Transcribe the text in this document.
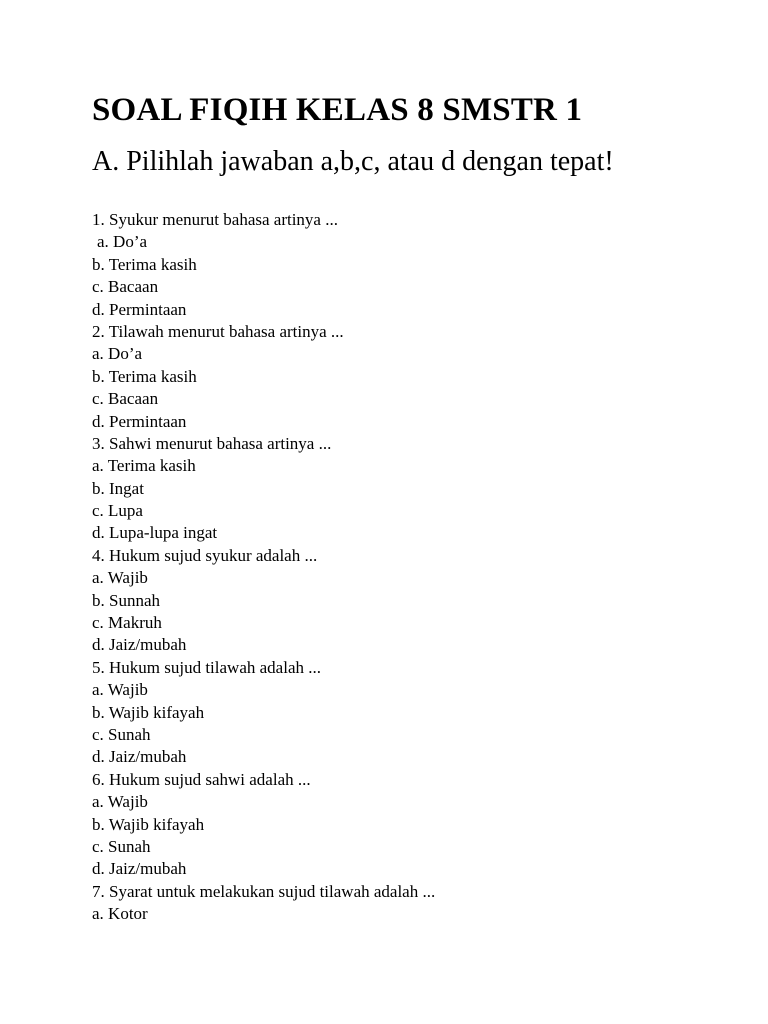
SOAL FIQIH KELAS 8 SMSTR 1

A. Pilihlah jawaban a,b,c, atau d dengan tepat!

1. Syukur menurut bahasa artinya ...
a. Do’a
b. Terima kasih
c. Bacaan
d. Permintaan
2. Tilawah menurut bahasa artinya ...
a. Do’a
b. Terima kasih
c. Bacaan
d. Permintaan
3. Sahwi menurut bahasa artinya ...
a. Terima kasih
b. Ingat
c. Lupa
d. Lupa-lupa ingat
4. Hukum sujud syukur adalah ...
a. Wajib
b. Sunnah
c. Makruh
d. Jaiz/mubah
5. Hukum sujud tilawah adalah ...
a. Wajib
b. Wajib kifayah
c. Sunah
d. Jaiz/mubah
6. Hukum sujud sahwi adalah ...
a. Wajib
b. Wajib kifayah
c. Sunah
d. Jaiz/mubah
7. Syarat untuk melakukan sujud tilawah adalah ...
a. Kotor
